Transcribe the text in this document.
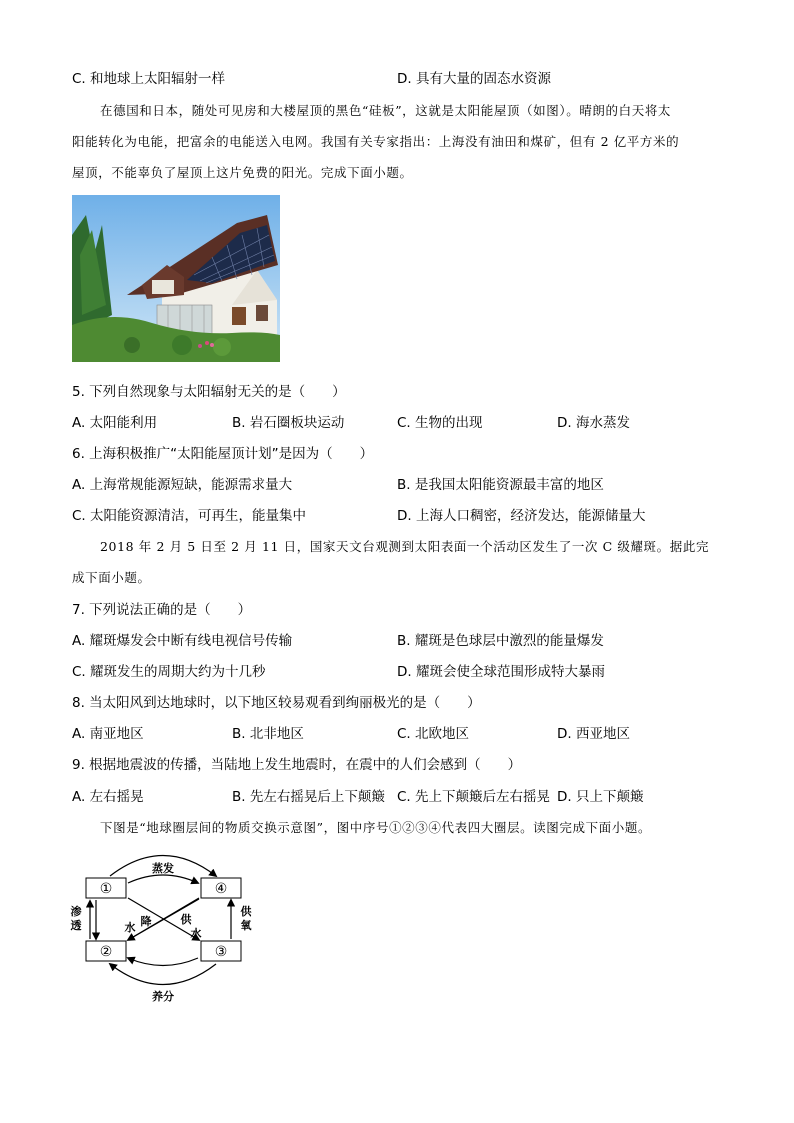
C. 和地球上太阳辐射一样	D. 具有大量的固态水资源
在德国和日本，随处可见房和大楼屋顶的黑色“硅板”，这就是太阳能屋顶（如图）。晴朗的白天将太
阳能转化为电能，把富余的电能送入电网。我国有关专家指出：上海没有油田和煤矿，但有 2 亿平方米的
屋顶，不能辜负了屋顶上这片免费的阳光。完成下面小题。
5. 下列自然现象与太阳辐射无关的是（　　）
A. 太阳能利用	B. 岩石圈板块运动	C. 生物的出现	D. 海水蒸发
6. 上海积极推广“太阳能屋顶计划”是因为（　　）
A. 上海常规能源短缺，能源需求量大	B. 是我国太阳能资源最丰富的地区
C. 太阳能资源清洁，可再生，能量集中	D. 上海人口稠密，经济发达，能源储量大
2018 年 2 月 5 日至 2 月 11 日，国家天文台观测到太阳表面一个活动区发生了一次 C 级耀斑。据此完
成下面小题。
7. 下列说法正确的是（　　）
A. 耀斑爆发会中断有线电视信号传输	B. 耀斑是色球层中激烈的能量爆发
C. 耀斑发生的周期大约为十几秒	D. 耀斑会使全球范围形成特大暴雨
8. 当太阳风到达地球时，以下地区较易观看到绚丽极光的是（　　）
A. 南亚地区	B. 北非地区	C. 北欧地区	D. 西亚地区
9. 根据地震波的传播，当陆地上发生地震时，在震中的人们会感到（　　）
A. 左右摇晃	B. 先左右摇晃后上下颠簸 C. 先上下颠簸后左右摇晃 D. 只上下颠簸
下图是“地球圈层间的物质交换示意图”，图中序号①②③④代表四大圈层。读图完成下面小题。
①	④
②	③
蒸发
养分
渗
透
供
氧
水 降	供
水
